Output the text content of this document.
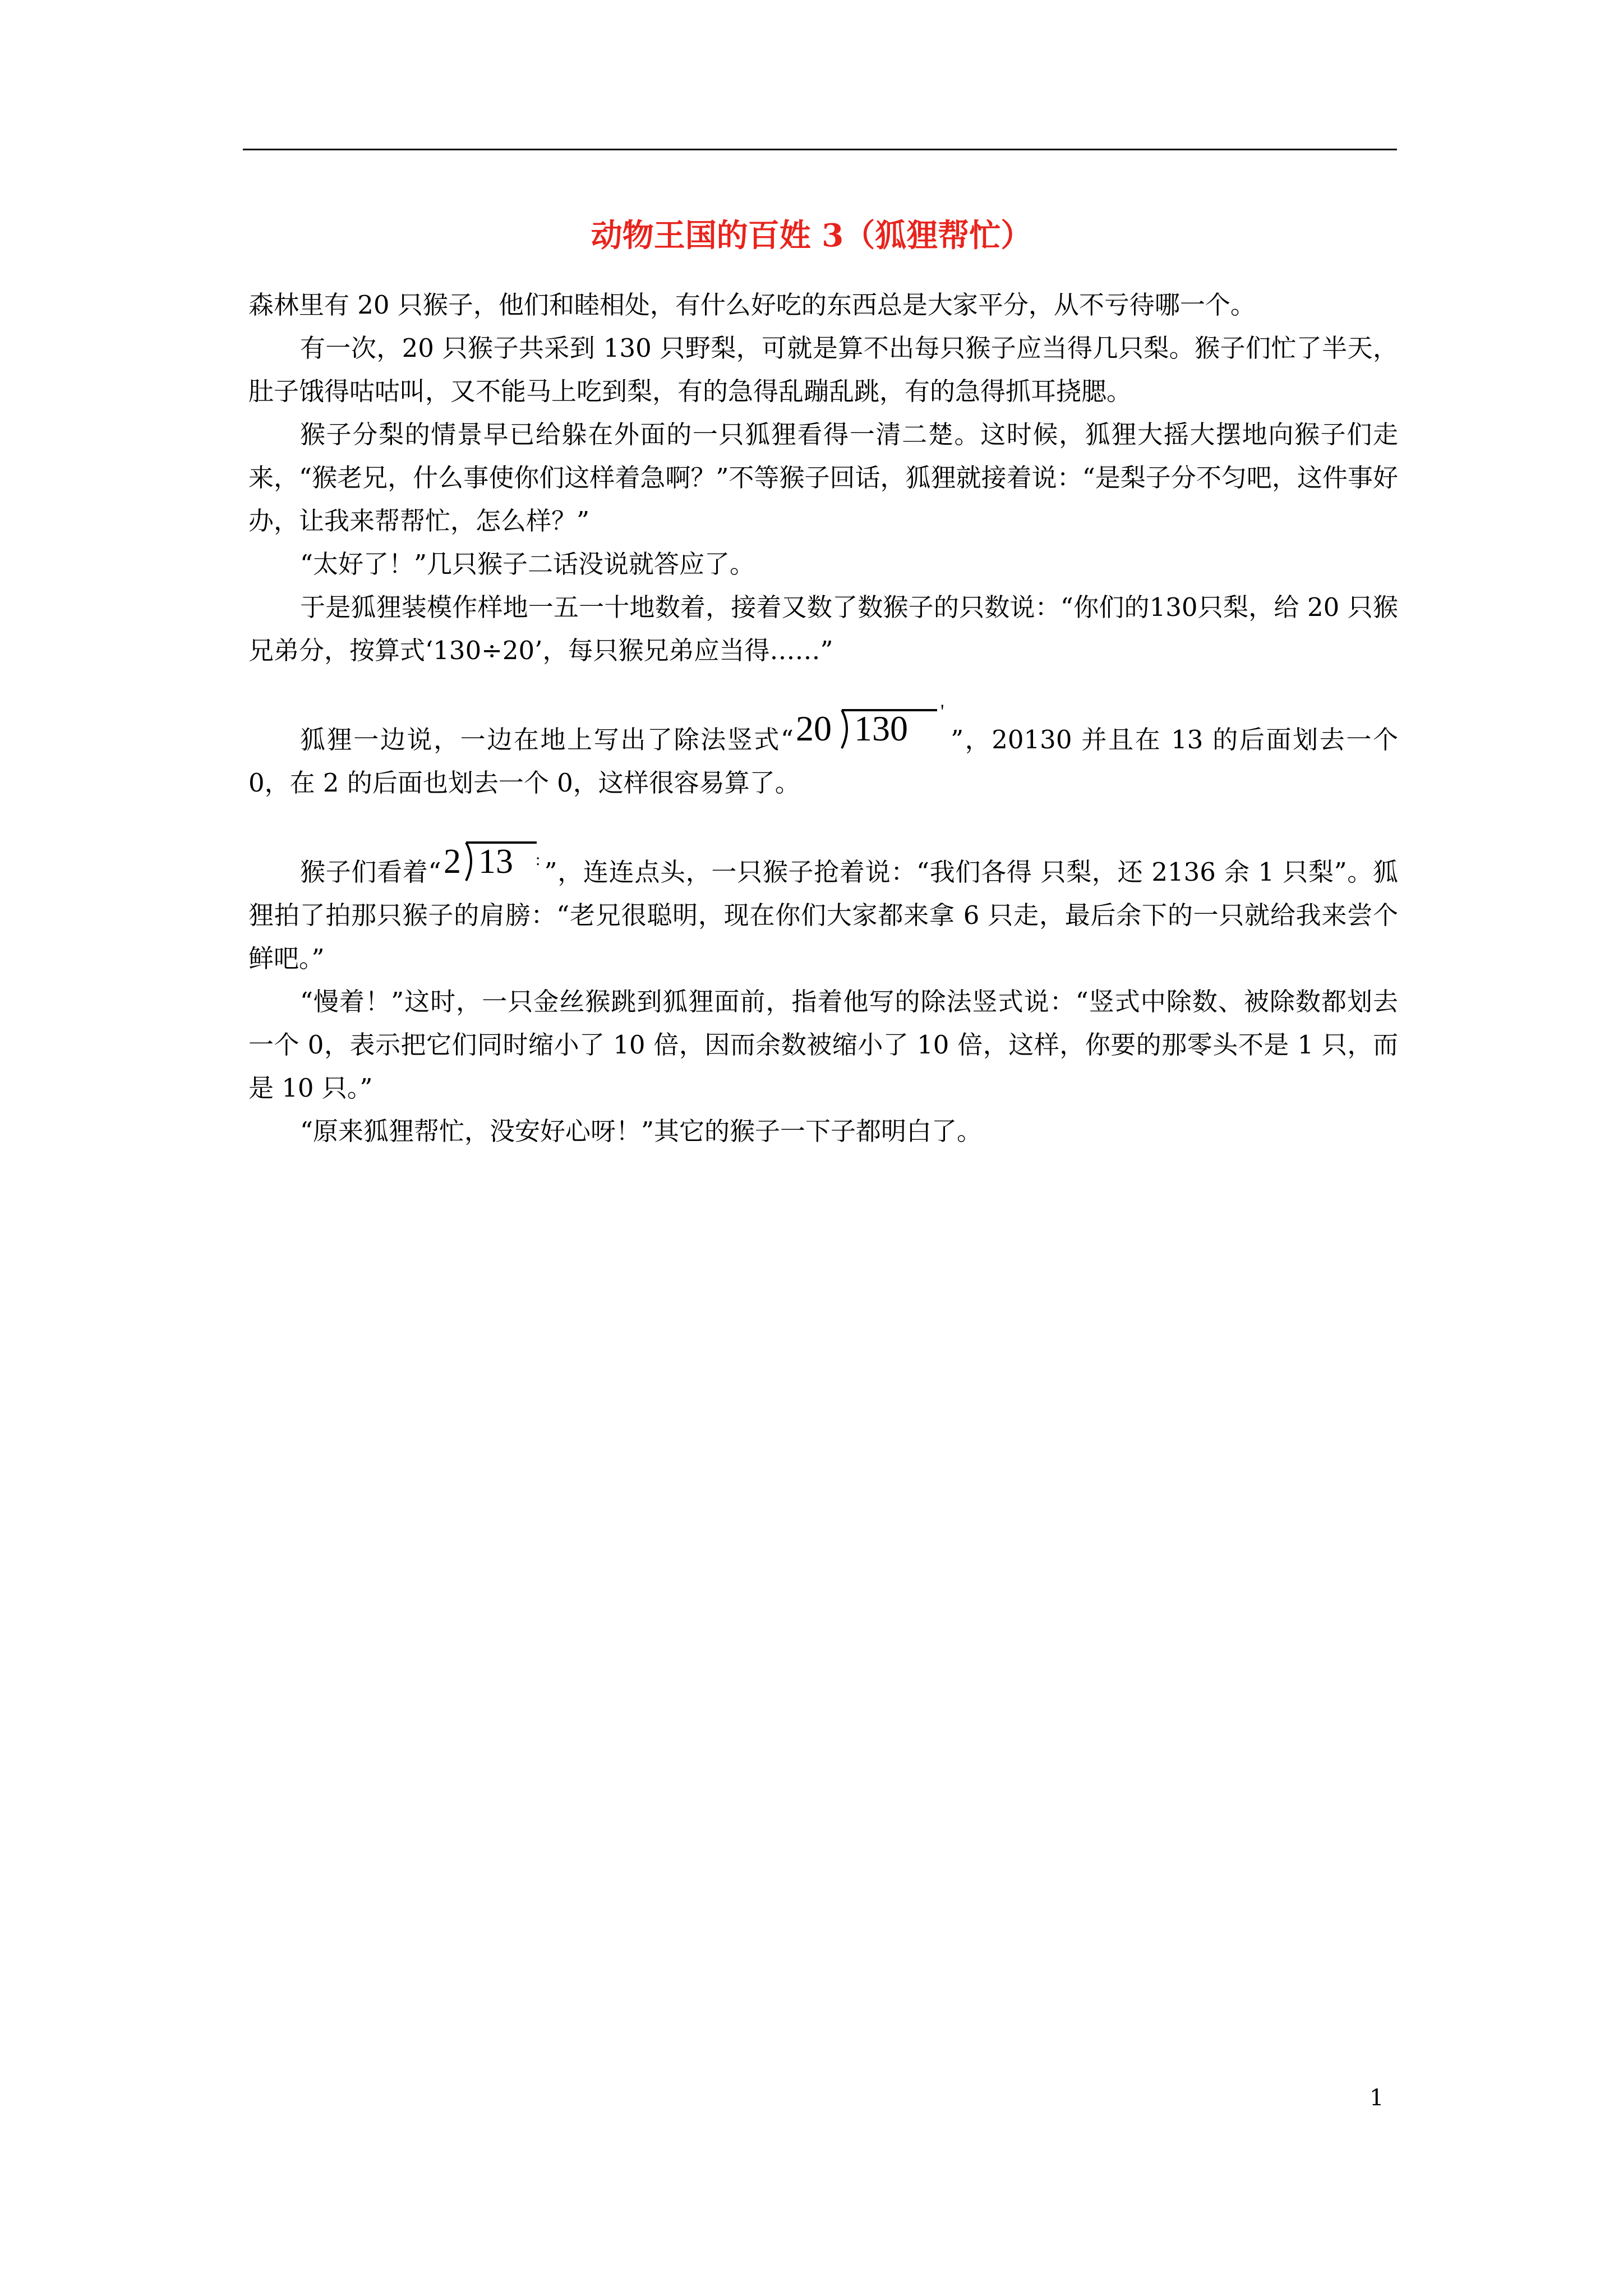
动物王国的百姓 3（狐狸帮忙）

森林里有 20 只猴子，他们和睦相处，有什么好吃的东西总是大家平分，从不亏待哪一个。

有一次，20 只猴子共采到 130 只野梨，可就是算不出每只猴子应当得几只梨。猴子们忙了半天，肚子饿得咕咕叫，又不能马上吃到梨，有的急得乱蹦乱跳，有的急得抓耳挠腮。

猴子分梨的情景早已给躲在外面的一只狐狸看得一清二楚。这时候，狐狸大摇大摆地向猴子们走来，“猴老兄，什么事使你们这样着急啊？”不等猴子回话，狐狸就接着说：“是梨子分不匀吧，这件事好办，让我来帮帮忙，怎么样？”

“太好了！”几只猴子二话没说就答应了。

于是狐狸装模作样地一五一十地数着，接着又数了数猴子的只数说：“你们的130只梨，给 20 只猴兄弟分，按算式‘130÷20’，每只猴兄弟应当得……”

狐狸一边说，一边在地上写出了除法竖式“ 20 130 '
”，20130 并且在 13 的后面划去一个 0，在 2 的后面也划去一个 0，这样很容易算了。

猴子们看着“ 2 13 : ”，连连点头，一只猴子抢着说：“我们各得 只梨，还 2136 余 1 只梨”。狐狸拍了拍那只猴子的肩膀：“老兄很聪明，现在你们大家都来拿 6 只走，最后余下的一只就给我来尝个鲜吧。”

“慢着！”这时，一只金丝猴跳到狐狸面前，指着他写的除法竖式说：“竖式中除数、被除数都划去一个 0，表示把它们同时缩小了 10 倍，因而余数被缩小了 10 倍，这样，你要的那零头不是 1 只，而是 10 只。”

“原来狐狸帮忙，没安好心呀！”其它的猴子一下子都明白了。

1
